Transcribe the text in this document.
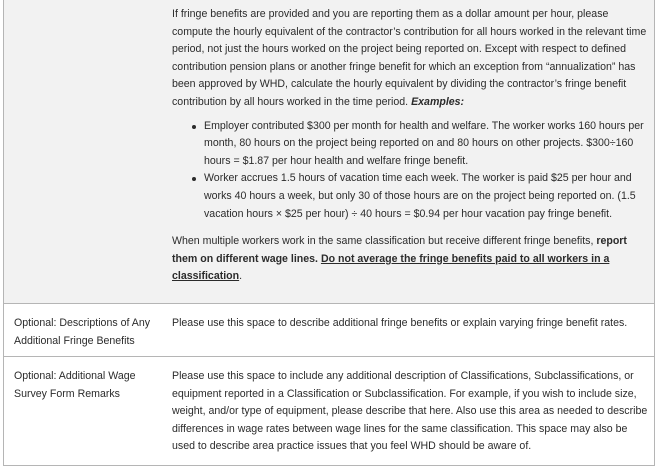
If fringe benefits are provided and you are reporting them as a dollar amount per hour, please compute the hourly equivalent of the contractor’s contribution for all hours worked in the relevant time period, not just the hours worked on the project being reported on. Except with respect to defined contribution pension plans or another fringe benefit for which an exception from “annualization” has been approved by WHD, calculate the hourly equivalent by dividing the contractor’s fringe benefit contribution by all hours worked in the time period. Examples:

Employer contributed $300 per month for health and welfare. The worker works 160 hours per month, 80 hours on the project being reported on and 80 hours on other projects. $300÷160 hours = $1.87 per hour health and welfare fringe benefit.
Worker accrues 1.5 hours of vacation time each week. The worker is paid $25 per hour and works 40 hours a week, but only 30 of those hours are on the project being reported on. (1.5 vacation hours × $25 per hour) ÷ 40 hours = $0.94 per hour vacation pay fringe benefit.

When multiple workers work in the same classification but receive different fringe benefits, report them on different wage lines. Do not average the fringe benefits paid to all workers in a classification.

Optional: Descriptions of Any Additional Fringe Benefits
Please use this space to describe additional fringe benefits or explain varying fringe benefit rates.
Optional: Additional Wage Survey Form Remarks
Please use this space to include any additional description of Classifications, Subclassifications, or equipment reported in a Classification or Subclassification. For example, if you wish to include size, weight, and/or type of equipment, please describe that here. Also use this area as needed to describe differences in wage rates between wage lines for the same classification. This space may also be used to describe area practice issues that you feel WHD should be aware of.
